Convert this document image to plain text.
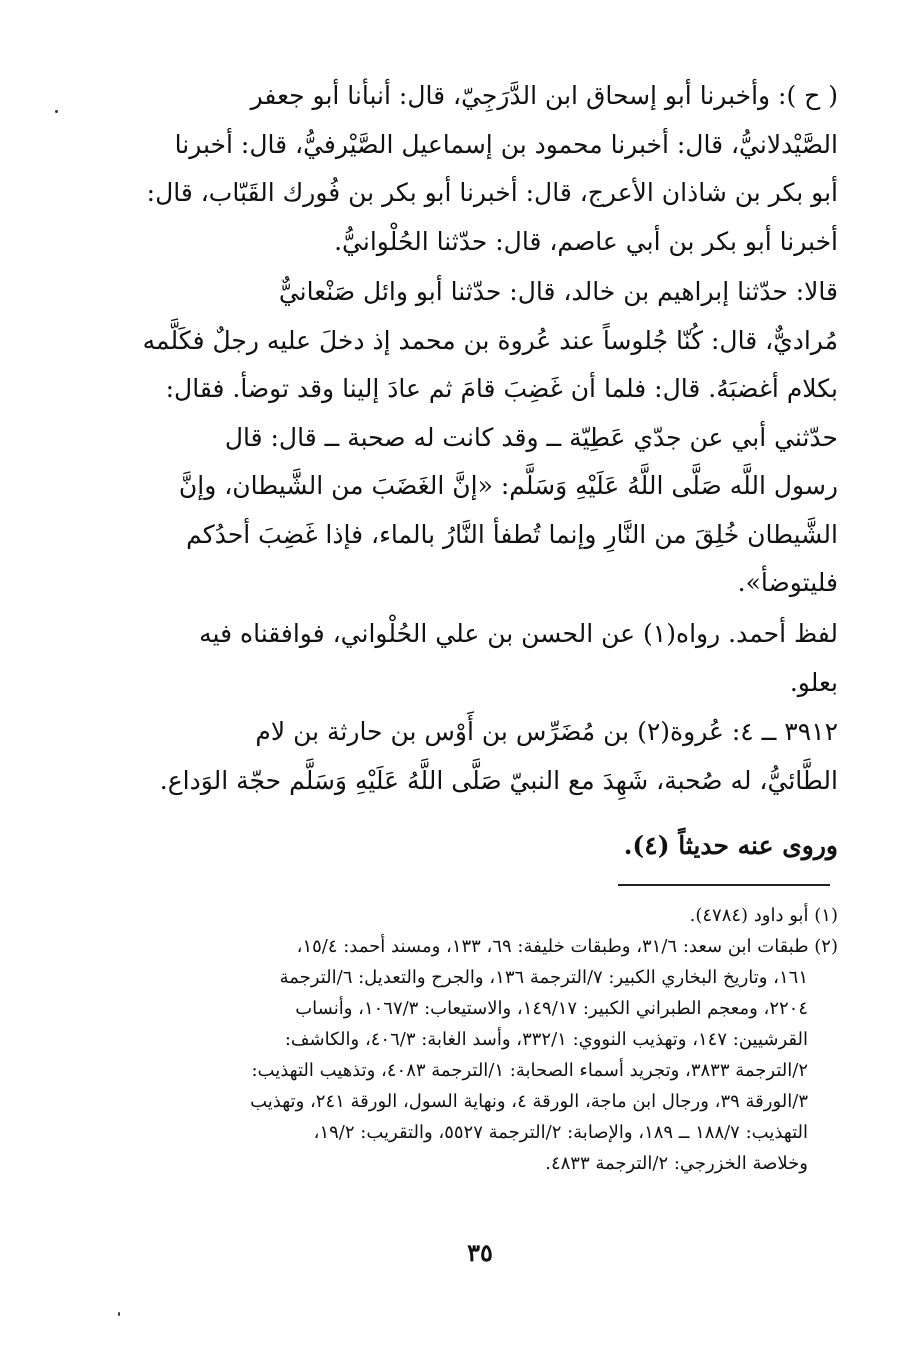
( ح ): وأخبرنا أبو إسحاق ابن الدَّرَجِيّ، قال: أنبأنا أبو جعفر
الصَّيْدلانيُّ، قال: أخبرنا محمود بن إسماعيل الصَّيْرفيُّ، قال: أخبرنا
أبو بكر بن شاذان الأعرج، قال: أخبرنا أبو بكر بن فُورك القَبّاب، قال:
أخبرنا أبو بكر بن أبي عاصم، قال: حدّثنا الحُلْوانيُّ.
قالا: حدّثنا إبراهيم بن خالد، قال: حدّثنا أبو وائل صَنْعانيٌّ
مُراديٌّ، قال: كُنّا جُلوساً عند عُروة بن محمد إذ دخلَ عليه رجلٌ فكَلَّمه
بكلام أغضبَهُ. قال: فلما أن غَضِبَ قامَ ثم عادَ إلينا وقد توضأ. فقال:
حدّثني أبي عن جدّي عَطِيّة ــ وقد كانت له صحبة ــ قال: قال
رسول اللَّه صَلَّى اللَّهُ عَلَيْهِ وَسَلَّم: «إنَّ الغَضَبَ من الشَّيطان، وإنَّ
الشَّيطان خُلِقَ من النَّارِ وإنما تُطفأ النَّارُ بالماء، فإذا غَضِبَ أحدُكم
فليتوضأ».
لفظ أحمد. رواه(١) عن الحسن بن علي الحُلْواني، فوافقناه فيه
بعلو.
٣٩١٢ ــ ٤: عُروة(٢) بن مُضَرِّس بن أَوْس بن حارثة بن لام
الطَّائيُّ، له صُحبة، شَهِدَ مع النبيّ صَلَّى اللَّهُ عَلَيْهِ وَسَلَّم حجّة الوَداع.
وروى عنه حديثاً (٤).

(١) أبو داود (٤٧٨٤).

(٢) طبقات ابن سعد: ٣١/٦، وطبقات خليفة: ٦٩، ١٣٣، ومسند أحمد: ١٥/٤،

١٦١، وتاريخ البخاري الكبير: ٧/الترجمة ١٣٦، والجرح والتعديل: ٦/الترجمة

٢٢٠٤، ومعجم الطبراني الكبير: ١٤٩/١٧، والاستيعاب: ١٠٦٧/٣، وأنساب

القرشيين: ١٤٧، وتهذيب النووي: ٣٣٢/١، وأسد الغابة: ٤٠٦/٣، والكاشف:

٢/الترجمة ٣٨٣٣، وتجريد أسماء الصحابة: ١/الترجمة ٤٠٨٣، وتذهيب التهذيب:

٣/الورقة ٣٩، ورجال ابن ماجة، الورقة ٤، ونهاية السول، الورقة ٢٤١، وتهذيب

التهذيب: ١٨٨/٧ ــ ١٨٩، والإصابة: ٢/الترجمة ٥٥٢٧، والتقريب: ١٩/٢،

وخلاصة الخزرجي: ٢/الترجمة ٤٨٣٣.

٣٥
